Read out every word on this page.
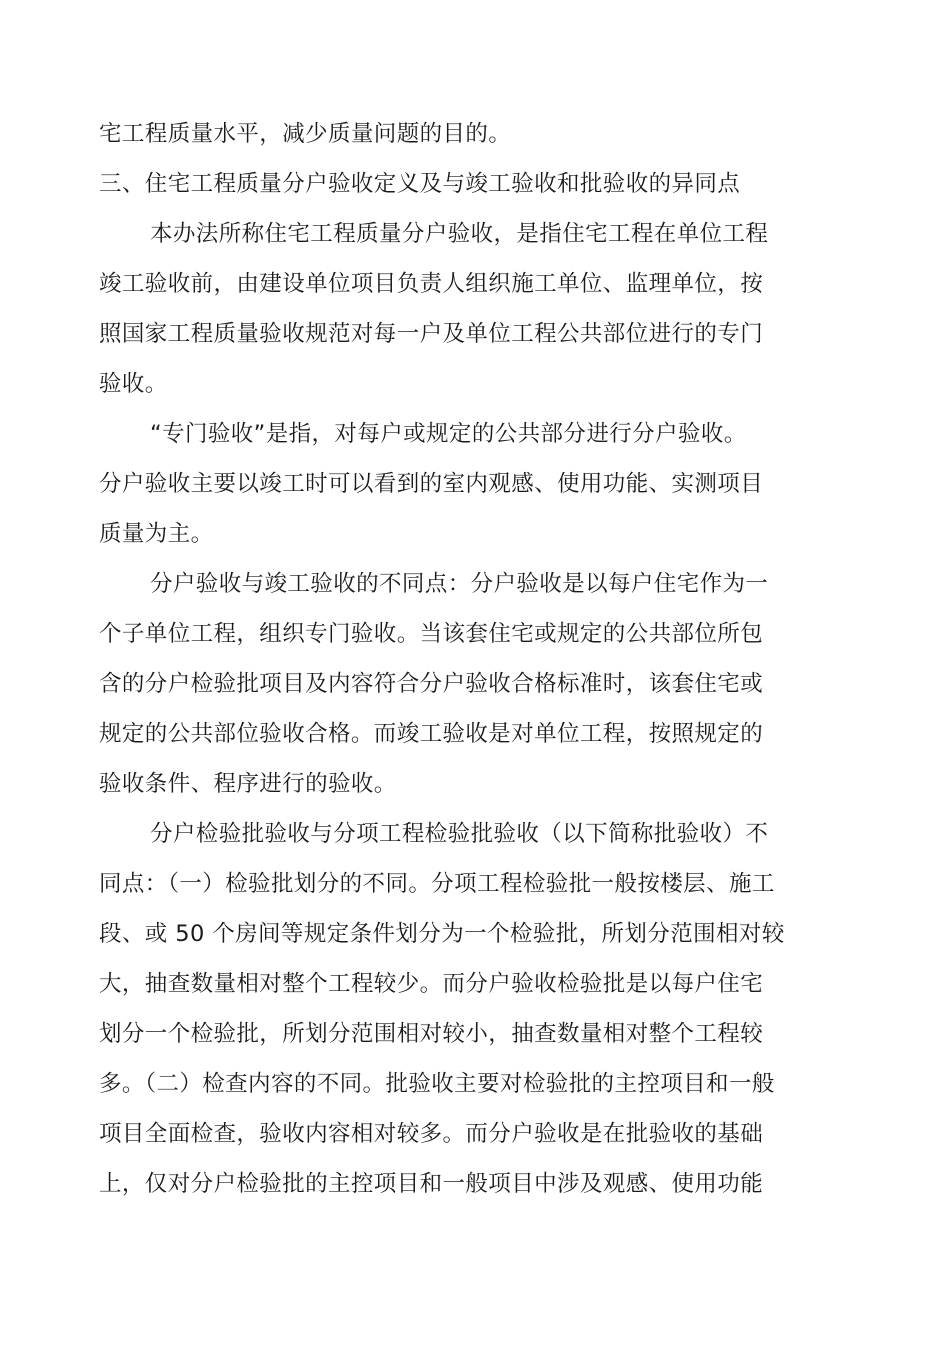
宅工程质量水平，减少质量问题的目的。
三、住宅工程质量分户验收定义及与竣工验收和批验收的异同点
本办法所称住宅工程质量分户验收，是指住宅工程在单位工程
竣工验收前，由建设单位项目负责人组织施工单位、监理单位，按
照国家工程质量验收规范对每一户及单位工程公共部位进行的专门
验收。
“专门验收”是指，对每户或规定的公共部分进行分户验收。
分户验收主要以竣工时可以看到的室内观感、使用功能、实测项目
质量为主。
分户验收与竣工验收的不同点：分户验收是以每户住宅作为一
个子单位工程，组织专门验收。当该套住宅或规定的公共部位所包
含的分户检验批项目及内容符合分户验收合格标准时，该套住宅或
规定的公共部位验收合格。而竣工验收是对单位工程，按照规定的
验收条件、程序进行的验收。
分户检验批验收与分项工程检验批验收（以下简称批验收）不
同点：（一）检验批划分的不同。分项工程检验批一般按楼层、施工
段、或 50 个房间等规定条件划分为一个检验批，所划分范围相对较
大，抽查数量相对整个工程较少。而分户验收检验批是以每户住宅
划分一个检验批，所划分范围相对较小，抽查数量相对整个工程较
多。（二）检查内容的不同。批验收主要对检验批的主控项目和一般
项目全面检查，验收内容相对较多。而分户验收是在批验收的基础
上，仅对分户检验批的主控项目和一般项目中涉及观感、使用功能
